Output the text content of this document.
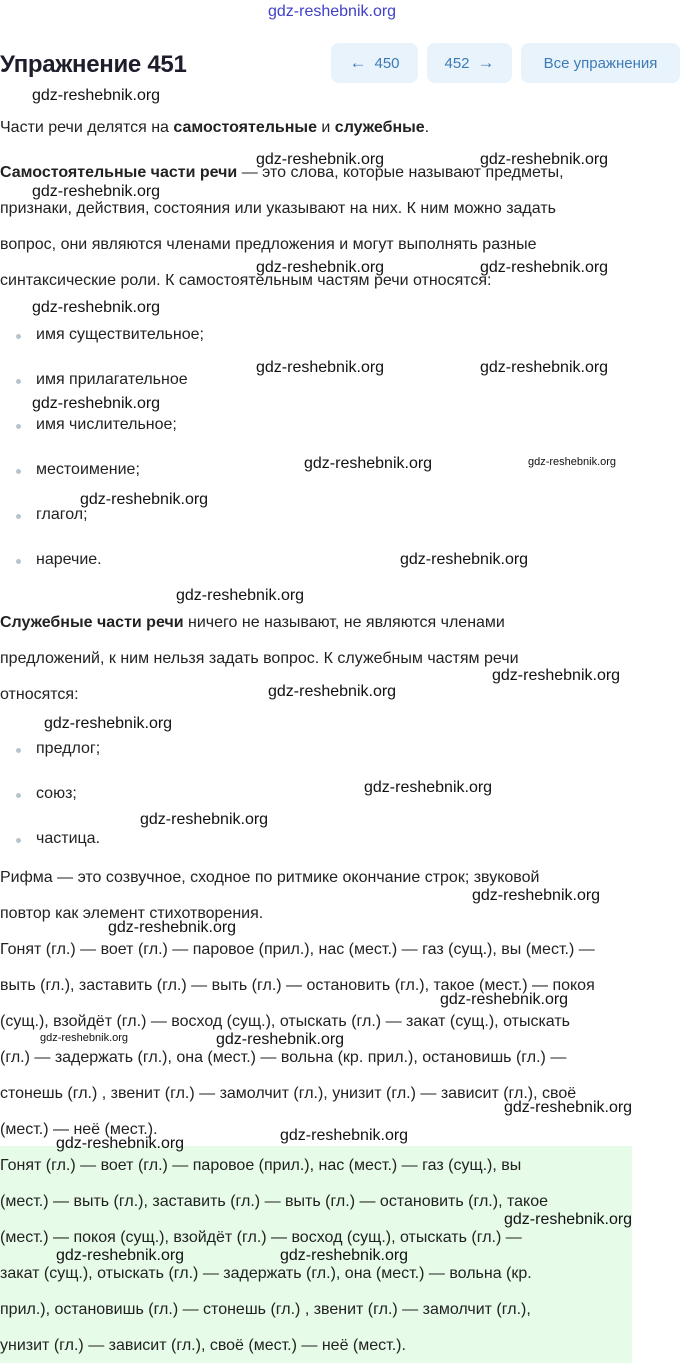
gdz-reshebnik.org
Упражнение 451	← 450	452 →	Все упражнения
Части речи делятся на самостоятельные и служебные.
Самостоятельные части речи — это слова, которые называют предметы,
признаки, действия, состояния или указывают на них. К ним можно задать
вопрос, они являются членами предложения и могут выполнять разные
синтаксические роли. К самостоятельным частям речи относятся:
имя существительное;
имя прилагательное
имя числительное;
местоимение;
глагол;
наречие.
Служебные части речи ничего не называют, не являются членами
предложений, к ним нельзя задать вопрос. К служебным частям речи
относятся:
предлог;
союз;
частица.
Рифма — это созвучное, сходное по ритмике окончание строк; звуковой
повтор как элемент стихотворения.
Гонят (гл.) — воет (гл.) — паровое (прил.), нас (мест.) — газ (сущ.), вы (мест.) —
выть (гл.), заставить (гл.) — выть (гл.) — остановить (гл.), такое (мест.) — покоя
(сущ.), взойдёт (гл.) — восход (сущ.), отыскать (гл.) — закат (сущ.), отыскать
(гл.) — задержать (гл.), она (мест.) — вольна (кр. прил.), остановишь (гл.) —
стонешь (гл.) , звенит (гл.) — замолчит (гл.), унизит (гл.) — зависит (гл.), своё
(мест.) — неё (мест.).
Гонят (гл.) — воет (гл.) — паровое (прил.), нас (мест.) — газ (сущ.), вы
(мест.) — выть (гл.), заставить (гл.) — выть (гл.) — остановить (гл.), такое
(мест.) — покоя (сущ.), взойдёт (гл.) — восход (сущ.), отыскать (гл.) —
закат (сущ.), отыскать (гл.) — задержать (гл.), она (мест.) — вольна (кр.
прил.), остановишь (гл.) — стонешь (гл.) , звенит (гл.) — замолчит (гл.),
унизит (гл.) — зависит (гл.), своё (мест.) — неё (мест.).
gdz-reshebnik.org
gdz-reshebnik.org	gdz-reshebnik.org
gdz-reshebnik.org
gdz-reshebnik.org	gdz-reshebnik.org
gdz-reshebnik.org
gdz-reshebnik.org	gdz-reshebnik.org
gdz-reshebnik.org
gdz-reshebnik.org	gdz-reshebnik.org
gdz-reshebnik.org
gdz-reshebnik.org
gdz-reshebnik.org
gdz-reshebnik.org
gdz-reshebnik.org
gdz-reshebnik.org
gdz-reshebnik.org
gdz-reshebnik.org
gdz-reshebnik.org
gdz-reshebnik.org
gdz-reshebnik.org
gdz-reshebnik.org	gdz-reshebnik.org
gdz-reshebnik.org
gdz-reshebnik.org
gdz-reshebnik.org
gdz-reshebnik.org
gdz-reshebnik.org	gdz-reshebnik.org
